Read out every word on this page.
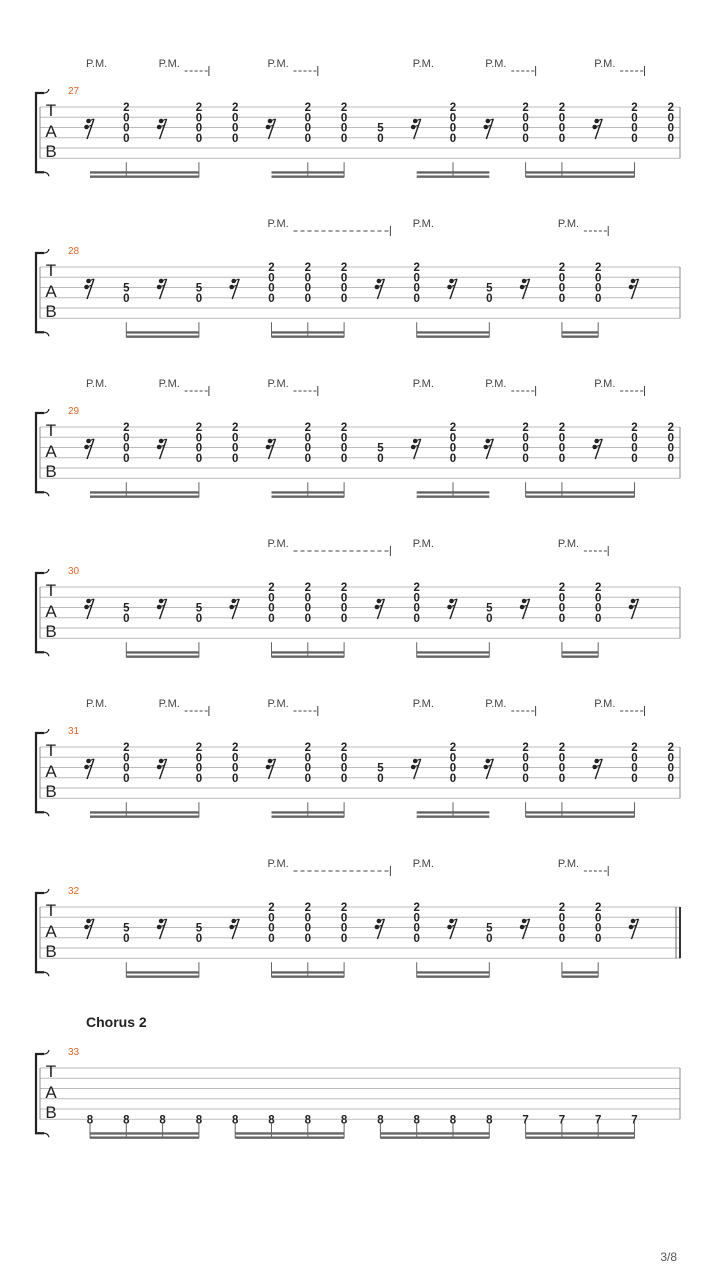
T
A
B
27
P.M.	P.M.	P.M.	P.M.	P.M.	P.M.
2
0
0
0
2
0
0
0
2
0
0
0
2
0
0
0
2
0
0
0
5
0
2
0
0
0
2
0
0
0
2
0
0
0
2
0
0
0
2
0
0
0
T
A
B
28
P.M.	P.M.	P.M.
5
0
5
0
2
0
0
0
2
0
0
0
2
0
0
0
2
0
0
0
5
0
2
0
0
0
2
0
0
0
T
A
B
29
P.M.	P.M.	P.M.	P.M.	P.M.	P.M.
2
0
0
0
2
0
0
0
2
0
0
0
2
0
0
0
2
0
0
0
5
0
2
0
0
0
2
0
0
0
2
0
0
0
2
0
0
0
2
0
0
0
T
A
B
30
P.M.	P.M.	P.M.
5
0
5
0
2
0
0
0
2
0
0
0
2
0
0
0
2
0
0
0
5
0
2
0
0
0
2
0
0
0
T
A
B
31
P.M.	P.M.	P.M.	P.M.	P.M.	P.M.
2
0
0
0
2
0
0
0
2
0
0
0
2
0
0
0
2
0
0
0
5
0
2
0
0
0
2
0
0
0
2
0
0
0
2
0
0
0
2
0
0
0
T
A
B
32
P.M.	P.M.	P.M.
5
0
5
0
2
0
0
0
2
0
0
0
2
0
0
0
2
0
0
0
5
0
2
0
0
0
2
0
0
0
T
A
B
33
8	8	8	8	8	8	8	8	8	8	8	8	7	7	7	7
Chorus 2
3/8
